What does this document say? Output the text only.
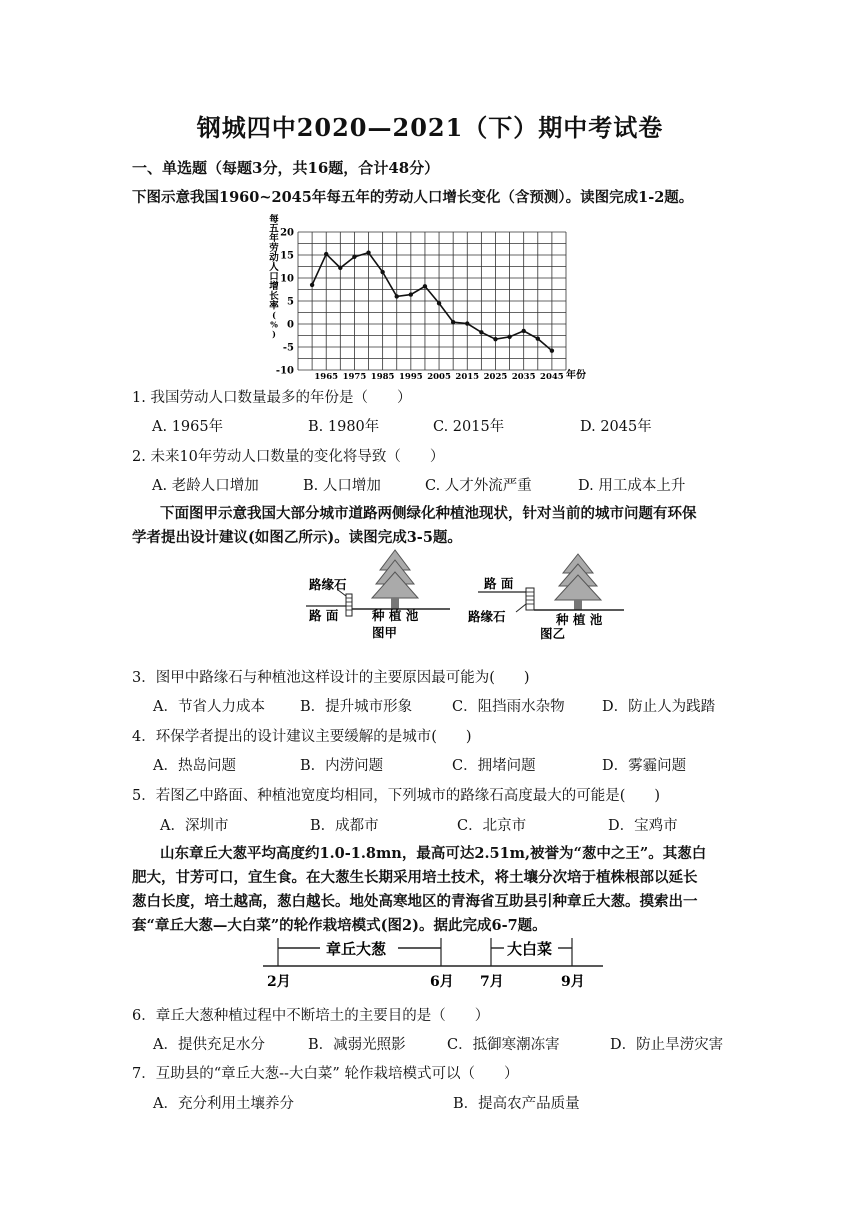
钢城四中2020—2021（下）期中考试卷
一、单选题（每题3分，共16题，合计48分）
下图示意我国1960~2045年每五年的劳动人口增长变化（含预测）。读图完成1-2题。
20
15
10
5
0
-5
-10
1965 1975 1985 1995 2005 2015 2025 2035 2045
每五年劳动人口增长率( % )
年份
1. 我国劳动人口数量最多的年份是（　　）
A. 1965年	B. 1980年	C. 2015年	D. 2045年
2. 未来10年劳动人口数量的变化将导致（　　）
A. 老龄人口增加	B. 人口增加	C. 人才外流严重	D. 用工成本上升
下面图甲示意我国大部分城市道路两侧绿化种植池现状，针对当前的城市问题有环保
学者提出设计建议(如图乙所示)。读图完成3-5题。
路缘石
路 面	种 植 池
图甲
路 面
路缘石	种 植 池
图乙
3．图甲中路缘石与种植池这样设计的主要原因最可能为(　　)
A．节省人力成本 B．提升城市形象	C．阻挡雨水杂物	D．防止人为践踏
4．环保学者提出的设计建议主要缓解的是城市(　　)
A．热岛问题	B．内涝问题	C．拥堵问题	D．雾霾问题
5．若图乙中路面、种植池宽度均相同，下列城市的路缘石高度最大的可能是(　　)
A．深圳市	B．成都市	C．北京市	D．宝鸡市
山东章丘大葱平均高度约1.0-1.8mn，最高可达2.51m,被誉为“葱中之王”。其葱白
肥大，甘芳可口，宜生食。在大葱生长期采用培土技术，将土壤分次培于植株根部以延长
葱白长度，培土越高，葱白越长。地处高寒地区的青海省互助县引种章丘大葱。摸索出一
套“章丘大葱—大白菜”的轮作栽培模式(图2)。据此完成6-7题。
章丘大葱	大白菜
2月	6月 7月	9月
6．章丘大葱种植过程中不断培土的主要目的是（　　）
A．提供充足水分	B．减弱光照影	C．抵御寒潮冻害	D．防止旱涝灾害
7．互助县的“章丘大葱--大白菜” 轮作栽培模式可以（　　）
A．充分利用土壤养分	B．提高农产品质量
